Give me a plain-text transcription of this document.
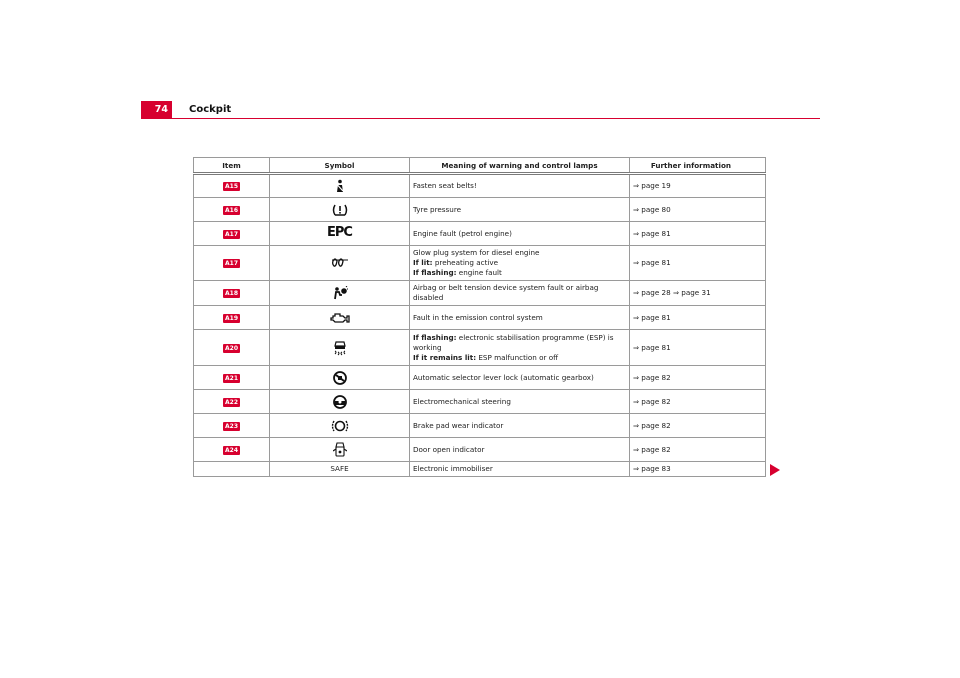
74	Cockpit
Item	Symbol	Meaning of warning and control lamps	Further information
A15		Fasten seat belts!	⇒ page 19
A16		Tyre pressure	⇒ page 80
A17	EPC	Engine fault (petrol engine)	⇒ page 81
A17		Glow plug system for diesel engine
If lit: preheating active
If flashing: engine fault	⇒ page 81
A18		Airbag or belt tension device system fault or airbag disabled	⇒ page 28 ⇒ page 31
A19		Fault in the emission control system	⇒ page 81
A20		If flashing: electronic stabilisation programme (ESP) is working
If it remains lit: ESP malfunction or off	⇒ page 81
A21		Automatic selector lever lock (automatic gearbox)	⇒ page 82
A22		Electromechanical steering	⇒ page 82
A23		Brake pad wear indicator	⇒ page 82
A24		Door open indicator	⇒ page 82
	SAFE	Electronic immobiliser	⇒ page 83
